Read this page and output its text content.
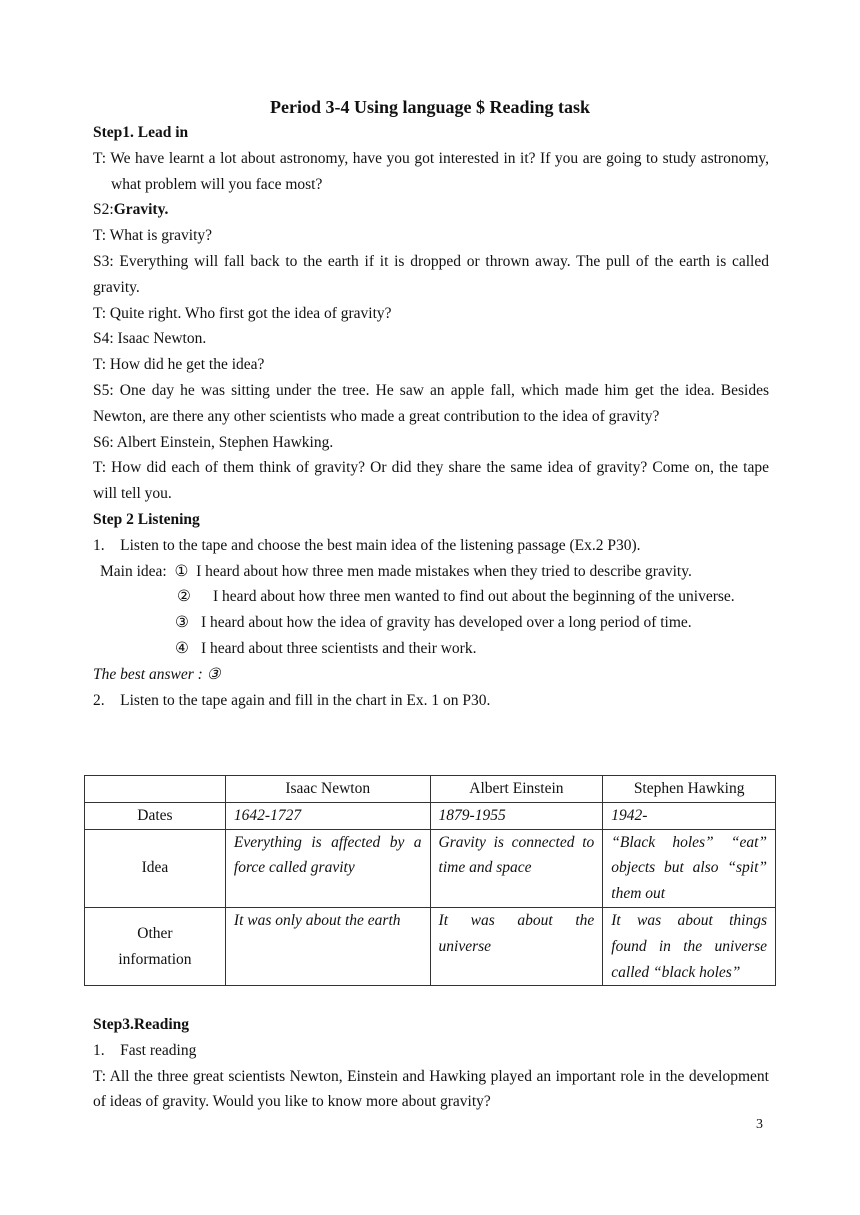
Period 3-4 Using language $ Reading task

Step1. Lead in

T: We have learnt a lot about astronomy, have you got interested in it? If you are going to study astronomy, what problem will you face most?

S2:Gravity.

T: What is gravity?

S3: Everything will fall back to the earth if it is dropped or thrown away. The pull of the earth is called gravity.

T: Quite right. Who first got the idea of gravity?

S4: Isaac Newton.

T: How did he get the idea?

S5: One day he was sitting under the tree. He saw an apple fall, which made him get the idea. Besides Newton, are there any other scientists who made a great contribution to the idea of gravity?

S6: Albert Einstein, Stephen Hawking.

T: How did each of them think of gravity? Or did they share the same idea of gravity? Come on, the tape will tell you.

Step 2 Listening

1.    Listen to the tape and choose the best main idea of the listening passage (Ex.2 P30).

Main idea: ① I heard about how three men made mistakes when they tried to describe gravity.

② I heard about how three men wanted to find out about the beginning of the universe.

③ I heard about how the idea of gravity has developed over a long period of time.

④ I heard about three scientists and their work.

The best answer : ③

2.    Listen to the tape again and fill in the chart in Ex. 1 on P30.

	Isaac Newton	Albert Einstein	Stephen Hawking
Dates	1642-1727	1879-1955	1942-
Idea	Everything is affected by a force called gravity	Gravity is connected to time and space	“Black holes” “eat” objects but also “spit” them out
Other information	It was only about the earth	It was about the universe	It was about things found in the universe called “black holes”

Step3.Reading

1.    Fast reading

T: All the three great scientists Newton, Einstein and Hawking played an important role in the development of ideas of gravity. Would you like to know more about gravity?

3
